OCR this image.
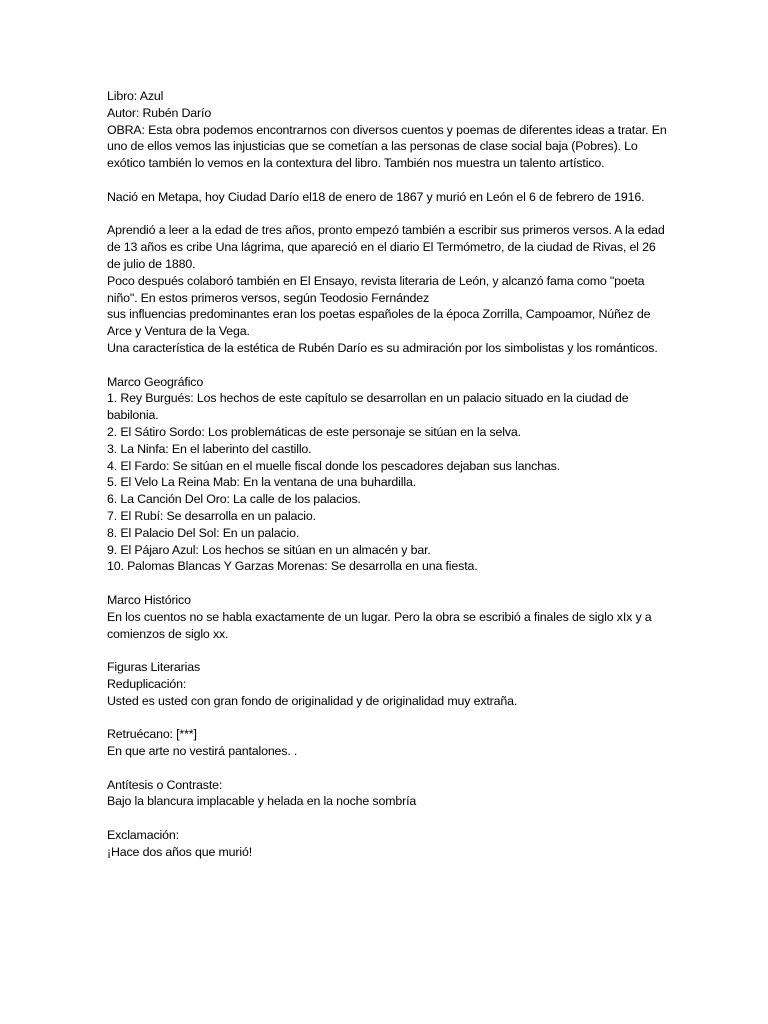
Libro: Azul
Autor: Rubén Darío
OBRA: Esta obra podemos encontrarnos con diversos cuentos y poemas de diferentes ideas a tratar. En uno de ellos vemos las injusticias que se cometían a las personas de clase social baja (Pobres). Lo exótico también lo vemos en la contextura del libro. También nos muestra un talento artístico.
Nació en Metapa, hoy Ciudad Darío el18 de enero de 1867 y murió en León el 6 de febrero de 1916.
Aprendió a leer a la edad de tres años, pronto empezó también a escribir sus primeros versos. A la edad de 13 años es cribe Una lágrima, que apareció en el diario El Termómetro, de la ciudad de Rivas, el 26 de julio de 1880.
Poco después colaboró también en El Ensayo, revista literaria de León, y alcanzó fama como "poeta niño". En estos primeros versos, según Teodosio Fernández
sus influencias predominantes eran los poetas españoles de la época Zorrilla, Campoamor, Núñez de Arce y Ventura de la Vega.
Una característica de la estética de Rubén Darío es su admiración por los simbolistas y los románticos.
Marco Geográfico
1. Rey Burgués: Los hechos de este capítulo se desarrollan en un palacio situado en la ciudad de babilonia.
2. El Sátiro Sordo: Los problemáticas de este personaje se sitúan en la selva.
3. La Ninfa: En el laberinto del castillo.
4. El Fardo: Se sitúan en el muelle fiscal donde los pescadores dejaban sus lanchas.
5. El Velo La Reina Mab: En la ventana de una buhardilla.
6. La Canción Del Oro: La calle de los palacios.
7. El Rubí: Se desarrolla en un palacio.
8. El Palacio Del Sol: En un palacio.
9. El Pájaro Azul: Los hechos se sitúan en un almacén y bar.
10. Palomas Blancas Y Garzas Morenas: Se desarrolla en una fiesta.
Marco Histórico
En los cuentos no se habla exactamente de un lugar. Pero la obra se escribió a finales de siglo xIx y a comienzos de siglo xx.
Figuras Literarias
Reduplicación:
Usted es usted con gran fondo de originalidad y de originalidad muy extraña.
Retruécano: [***]
En que arte no vestirá pantalones. .
Antítesis o Contraste:
Bajo la blancura implacable y helada en la noche sombría
Exclamación:
¡Hace dos años que murió!
